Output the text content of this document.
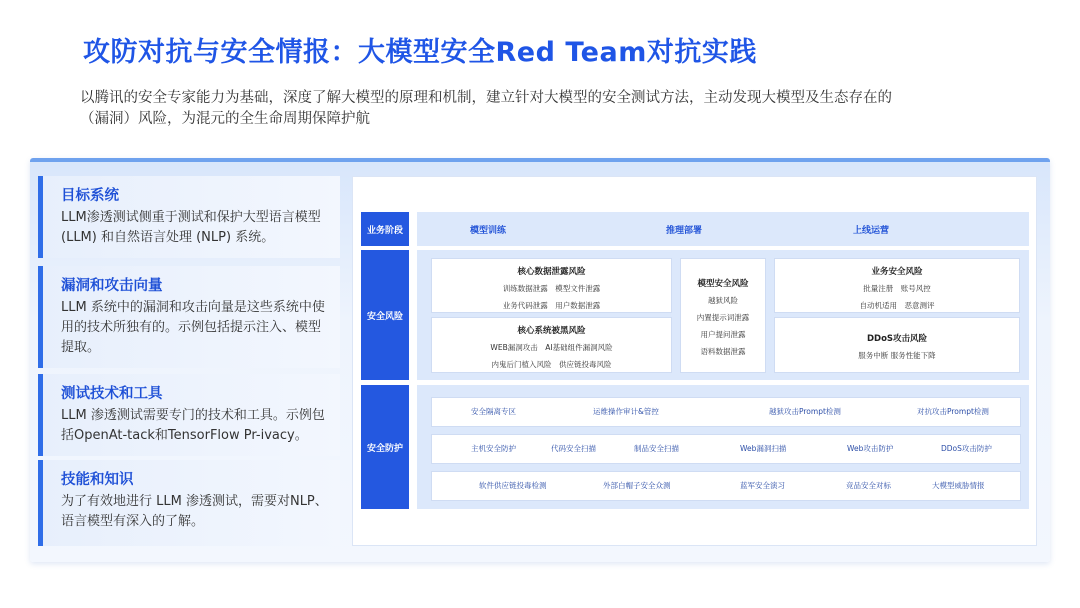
攻防对抗与安全情报：大模型安全Red Team对抗实践
以腾讯的安全专家能力为基础，深度了解大模型的原理和机制，建立针对大模型的安全测试方法，主动发现大模型及生态存在的
（漏洞）风险，为混元的全生命周期保障护航
目标系统
LLM渗透测试侧重于测试和保护大型语言模型 (LLM) 和自然语言处理 (NLP) 系统。
漏洞和攻击向量
LLM 系统中的漏洞和攻击向量是这些系统中使用的技术所独有的。示例包括提示注入、模型提取。
测试技术和工具
LLM 渗透测试需要专门的技术和工具。示例包括OpenAt-tack和TensorFlow Pr-ivacy。
技能和知识
为了有效地进行 LLM 渗透测试，需要对NLP、语言模型有深入的了解。
业务阶段
安全风险
安全防护
模型训练	推理部署	上线运营
核心数据泄露风险
训练数据泄露　模型文件泄露
业务代码泄露　用户数据泄露
核心系统被黑风险
WEB漏洞攻击　AI基础组件漏洞风险
内鬼后门植入风险　供应链投毒风险
模型安全风险
越狱风险
内置提示词泄露
用户提问泄露
语料数据泄露
业务安全风险
批量注册　账号风控
自动机适用　恶意测评
DDoS攻击风险
服务中断 服务性能下降
安全隔离专区	运维操作审计&管控	越狱攻击Prompt检测	对抗攻击Prompt检测
主机安全防护	代码安全扫描	制品安全扫描	Web漏洞扫描	Web攻击防护	DDoS攻击防护
软件供应链投毒检测	外部白帽子安全众测	蓝军安全演习	竞品安全对标	大模型威胁情报
